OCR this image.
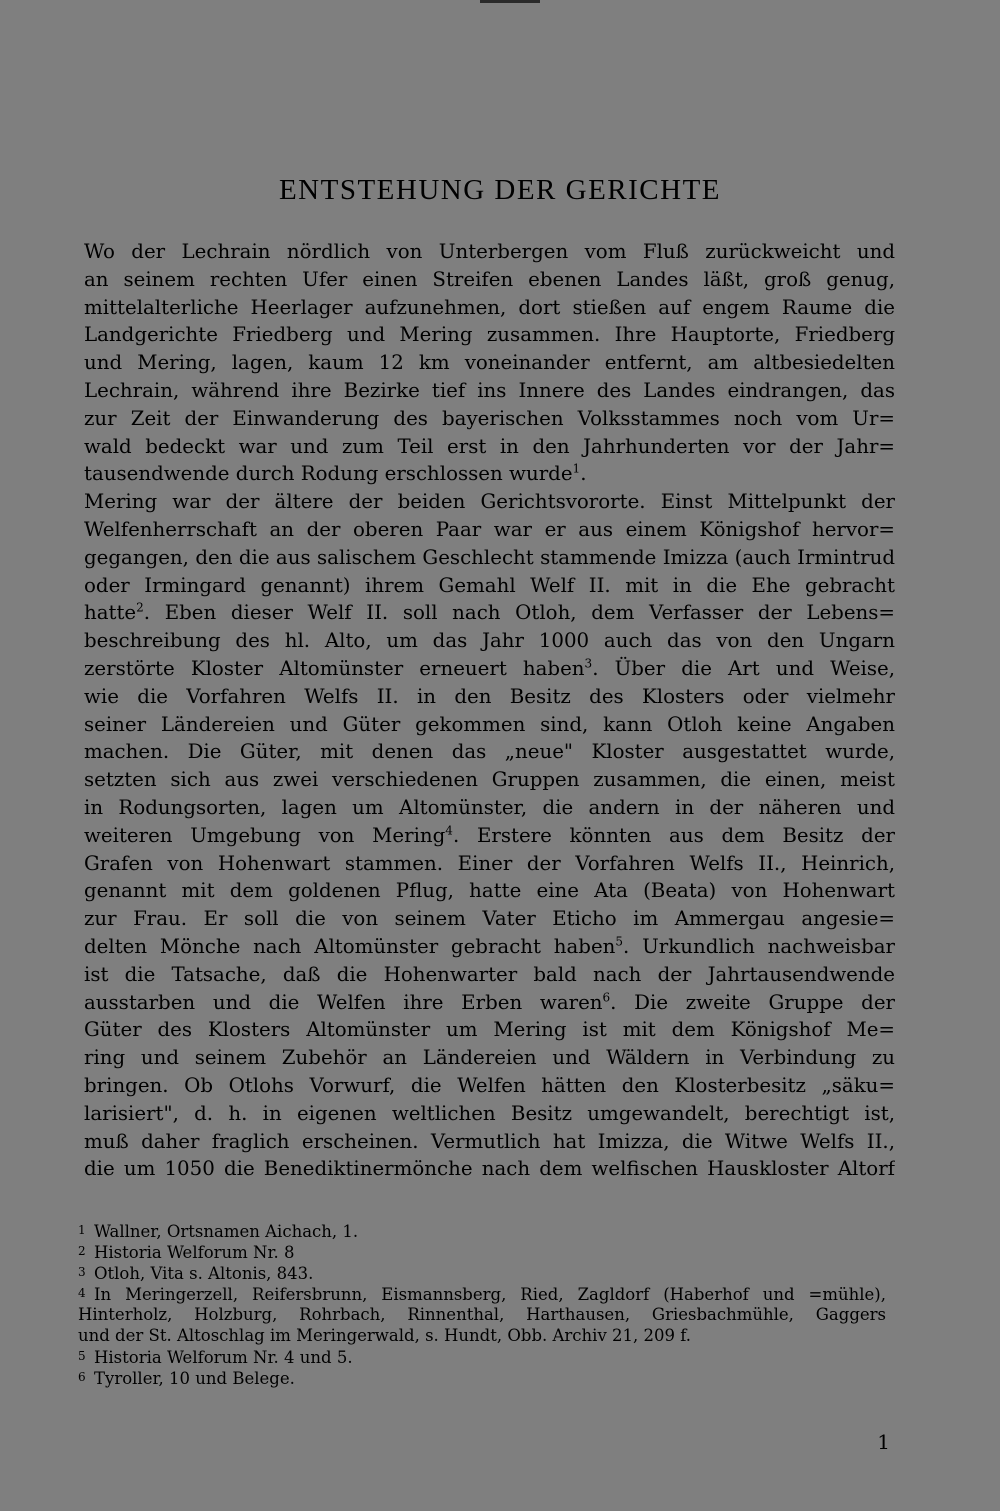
ENTSTEHUNG DER GERICHTE
Wo der Lechrain nördlich von Unterbergen vom Fluß zurückweicht und
an seinem rechten Ufer einen Streifen ebenen Landes läßt, groß genug,
mittelalterliche Heerlager aufzunehmen, dort stießen auf engem Raume die
Landgerichte Friedberg und Mering zusammen. Ihre Hauptorte, Friedberg
und Mering, lagen, kaum 12 km voneinander entfernt, am altbesiedelten
Lechrain, während ihre Bezirke tief ins Innere des Landes eindrangen, das
zur Zeit der Einwanderung des bayerischen Volksstammes noch vom Ur=
wald bedeckt war und zum Teil erst in den Jahrhunderten vor der Jahr=
tausendwende durch Rodung erschlossen wurde$^1$.
Mering war der ältere der beiden Gerichtsvororte. Einst Mittelpunkt der
Welfenherrschaft an der oberen Paar war er aus einem Königshof hervor=
gegangen, den die aus salischem Geschlecht stammende Imizza (auch Irmintrud
oder Irmingard genannt) ihrem Gemahl Welf II. mit in die Ehe gebracht
hatte$^2$. Eben dieser Welf II. soll nach Otloh, dem Verfasser der Lebens=
beschreibung des hl. Alto, um das Jahr 1000 auch das von den Ungarn
zerstörte Kloster Altomünster erneuert haben$^3$. Über die Art und Weise,
wie die Vorfahren Welfs II. in den Besitz des Klosters oder vielmehr
seiner Ländereien und Güter gekommen sind, kann Otloh keine Angaben
machen. Die Güter, mit denen das „neue" Kloster ausgestattet wurde,
setzten sich aus zwei verschiedenen Gruppen zusammen, die einen, meist
in Rodungsorten, lagen um Altomünster, die andern in der näheren und
weiteren Umgebung von Mering$^4$. Erstere könnten aus dem Besitz der
Grafen von Hohenwart stammen. Einer der Vorfahren Welfs II., Heinrich,
genannt mit dem goldenen Pflug, hatte eine Ata (Beata) von Hohenwart
zur Frau. Er soll die von seinem Vater Eticho im Ammergau angesie=
delten Mönche nach Altomünster gebracht haben$^5$. Urkundlich nachweisbar
ist die Tatsache, daß die Hohenwarter bald nach der Jahrtausendwende
ausstarben und die Welfen ihre Erben waren$^6$. Die zweite Gruppe der
Güter des Klosters Altomünster um Mering ist mit dem Königshof Me=
ring und seinem Zubehör an Ländereien und Wäldern in Verbindung zu
bringen. Ob Otlohs Vorwurf, die Welfen hätten den Klosterbesitz „säku=
larisiert", d. h. in eigenen weltlichen Besitz umgewandelt, berechtigt ist,
muß daher fraglich erscheinen. Vermutlich hat Imizza, die Witwe Welfs II.,
die um 1050 die Benediktinermönche nach dem welfischen Hauskloster Altorf
1 Wallner, Ortsnamen Aichach, 1.
2 Historia Welforum Nr. 8
3 Otloh, Vita s. Altonis, 843.
4 In Meringerzell, Reifersbrunn, Eismannsberg, Ried, Zagldorf (Haberhof und =mühle),
Hinterholz, Holzburg, Rohrbach, Rinnenthal, Harthausen, Griesbachmühle, Gaggers
und der St. Altoschlag im Meringerwald, s. Hundt, Obb. Archiv 21, 209 f.
5 Historia Welforum Nr. 4 und 5.
6 Tyroller, 10 und Belege.
1
